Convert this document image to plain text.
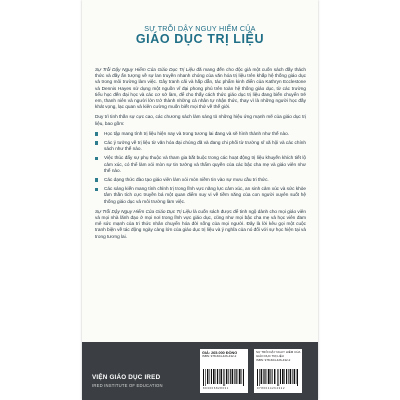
SỰ TRỖI DẬY NGUY HIỂM CỦA
GIÁO DỤC TRỊ LIỆU

Sự Trỗi Dậy Nguy Hiểm Của Giáo Dục Trị Liệu đã mang đến cho độc giả một cuốn sách đầy thách thức và đầy ấn tượng về sự lan truyền nhanh chóng của văn hóa trị liệu trên khắp hệ thống giáo dục và trong môi trường làm việc. Gây tranh cãi và hấp dẫn, tác phẩm kinh điển của Kathryn Ecclestone và Dennis Hayes sử dụng một nguồn vĩ đại phong phú trên toàn hệ thống giáo dục, từ các trường tiểu học đến đại học và các cơ sở làm, để cho thấy cách thức giáo dục trị liệu đang biến chuyển trẻ em, thanh niên và người lớn trở thành những cá nhân tự nhận thức, thay vì là những người học đầy khát vọng, lạc quan và kiên cường muốn biết mọi thứ về thế giới.

Duy trì tinh thần sự cực cao, các chương sách làm sáng tỏ những hiệu ứng mạnh mẽ của giáo dục trị liệu, bao gồm:

Học tập mang tính trị liệu hiện nay và trong tương lai đang và sẽ hình thành như thế nào.
Các ý tưởng về trị liệu từ văn hóa đại chúng đã và đang chi phối từ trường sĩ xã hội và các chính sách như thế nào.
Việc thúc đẩy sự phụ thuộc và tham gia bắt buộc trong các hoạt động trị liệu khuyến khích tiết lộ cảm xúc, có thể làm xói mòn sự tin tưởng và thẩm quyền của các bậc cha mẹ và giáo viên như thế nào.
Các dạng thức đào tạo giáo viên làm xói mòn niềm tin vào sự mưu cầu tri thức.
Các sáng kiến mang tính chỉnh trị trong lĩnh vực năng lực cảm xúc, an sinh cảm xúc và sức khỏe tâm thần tích cực truyền bá một quan điểm suy vi về tiềm năng của con người xuyên suốt hệ thống giáo dục và môi trường làm việc.

Sự Trỗi Dậy Nguy Hiểm Của Giáo Dục Trị Liệu là cuốn sách được để tinh ngộ dành cho mọi giáo viên và mọi nhà lãnh đạo ở mọi nơi trong lĩnh vực giáo dục, cũng như mọi bậc cha mẹ và học viên đam mê sức mạnh của tri thức nhân chuyển hóa đời sống của mọi người. Đây là lời kêu gọi một cuộc tranh biện về tác động ngày càng lớn của giáo dục trị liệu và ý nghĩa của nó đối với sự học hiện tại và trong tương lai.

VIỆN GIÁO DỤC IRED
IRED INSTITUTE OF EDUCATION
GIÁ: 265.000 ĐỒNG
ISBN: 978-604-426-432-2
8 9 3 6 0 6 8 2 8 0 3 1
SỰ TRỖI DẬY NGUY HIỂM CỦA GIÁO DỤC TRỊ LIỆU
ISBN: 978-604-426-432-2
9 7 8 6 0 4 4 2 6 4 3 2 2
